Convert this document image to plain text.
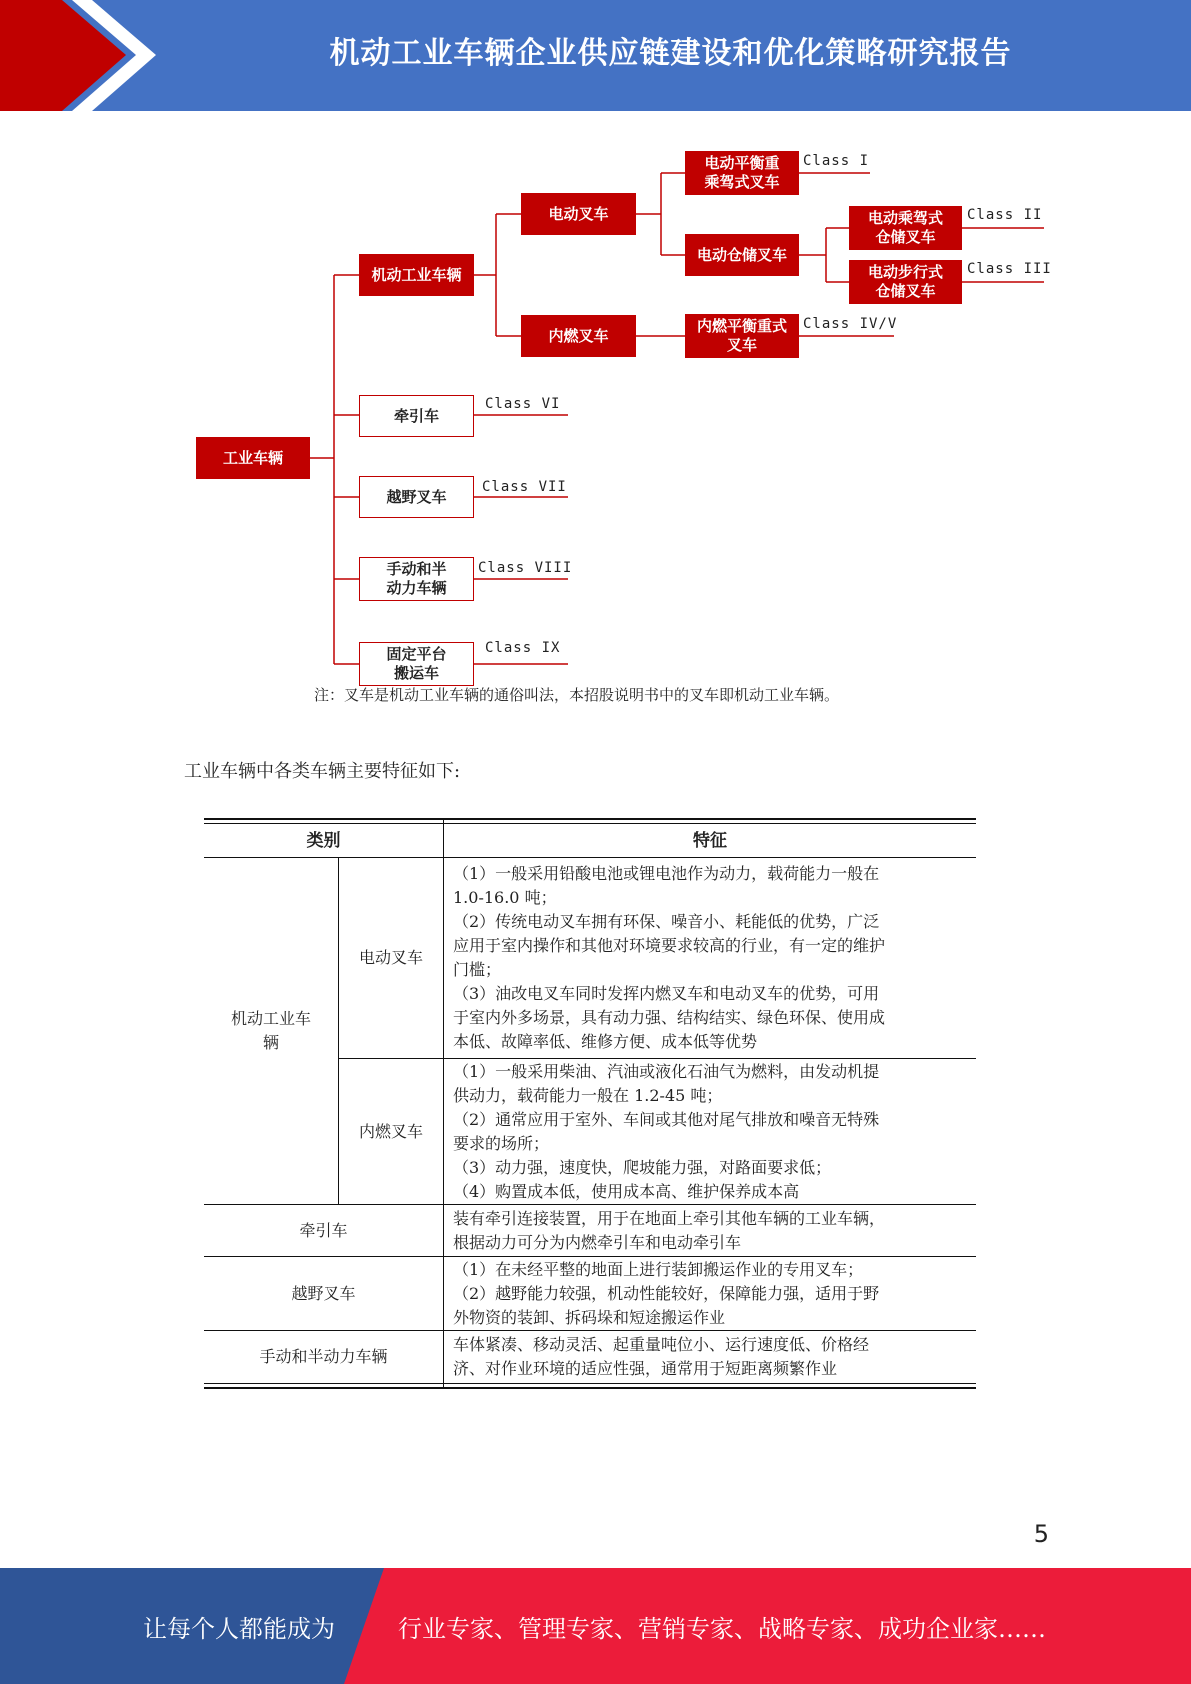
机动工业车辆企业供应链建设和优化策略研究报告
工业车辆
机动工业车辆
电动叉车
内燃叉车
电动平衡重
乘驾式叉车
电动仓储叉车
电动乘驾式
仓储叉车
电动步行式
仓储叉车
内燃平衡重式
叉车
牵引车
越野叉车
手动和半
动力车辆
固定平台
搬运车
Class I
Class II
Class III
Class IV/V
Class VI
Class VII
Class VIII
Class IX
注：叉车是机动工业车辆的通俗叫法，本招股说明书中的叉车即机动工业车辆。
工业车辆中各类车辆主要特征如下:
类别	特征
机动工业车
辆
电动叉车
（1）一般采用铅酸电池或锂电池作为动力，载荷能力一般在
1.0-16.0 吨；
（2）传统电动叉车拥有环保、噪音小、耗能低的优势，广泛
应用于室内操作和其他对环境要求较高的行业，有一定的维护
门槛；
（3）油改电叉车同时发挥内燃叉车和电动叉车的优势，可用
于室内外多场景，具有动力强、结构结实、绿色环保、使用成
本低、故障率低、维修方便、成本低等优势
内燃叉车
（1）一般采用柴油、汽油或液化石油气为燃料，由发动机提
供动力，载荷能力一般在 1.2-45 吨；
（2）通常应用于室外、车间或其他对尾气排放和噪音无特殊
要求的场所；
（3）动力强，速度快，爬坡能力强，对路面要求低；
（4）购置成本低，使用成本高、维护保养成本高
牵引车
装有牵引连接装置，用于在地面上牵引其他车辆的工业车辆，
根据动力可分为内燃牵引车和电动牵引车
越野叉车
（1）在未经平整的地面上进行装卸搬运作业的专用叉车；
（2）越野能力较强，机动性能较好，保障能力强，适用于野
外物资的装卸、拆码垛和短途搬运作业
手动和半动力车辆
车体紧凑、移动灵活、起重量吨位小、运行速度低、价格经
济、对作业环境的适应性强，通常用于短距离频繁作业
5
让每个人都能成为	行业专家、管理专家、营销专家、战略专家、成功企业家……
